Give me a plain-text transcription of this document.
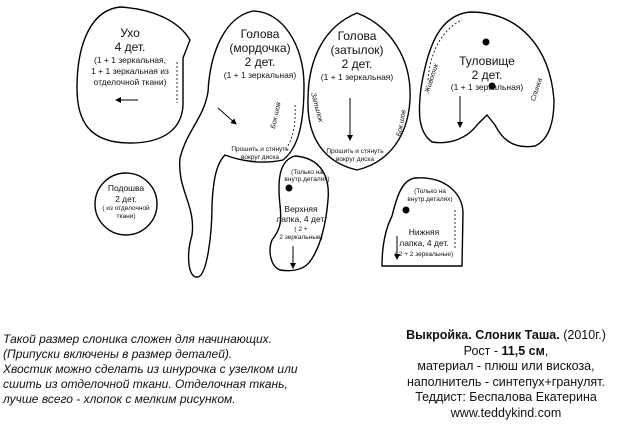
Ухо
4 дет.
(1 + 1 зеркальная,
1 + 1 зеркальная из
отделочной ткани)
Голова
(мордочка)
2 дет.
(1 + 1 зеркальная)
Бок.шов
Прошить и стянуть
вокруг диска
Голова
(затылок)
2 дет.
(1 + 1 зеркальная)
Затылок
Бок.шов
Прошить и стянуть
вокруг диска
Туловище
2 дет.
(1 + 1 зеркальная)
Животик	Спинка
Подошва
2 дет.
( из отделочной
ткани)
(Только на
внутр.деталях)
Верхняя
лапка, 4 дет.
( 2 +
2 зеркальные)
(Только на
внутр.деталях)
Нижняя
лапка, 4 дет.
( 2 + 2 зеркальные)
Такой размер слоника сложен для начинающих.
(Припуски включены в размер деталей).
Хвостик можно сделать из шнурочка с узелком или
сшить из отделочной ткани. Отделочная ткань,
лучше всего - хлопок с мелким рисунком.
Выкройка. Слоник Таша. (2010г.)
Рост - 11,5 см,
материал - плюш или вискоза,
наполнитель - синтепух+гранулят.
Теддист: Беспалова Екатерина
www.teddykind.com
